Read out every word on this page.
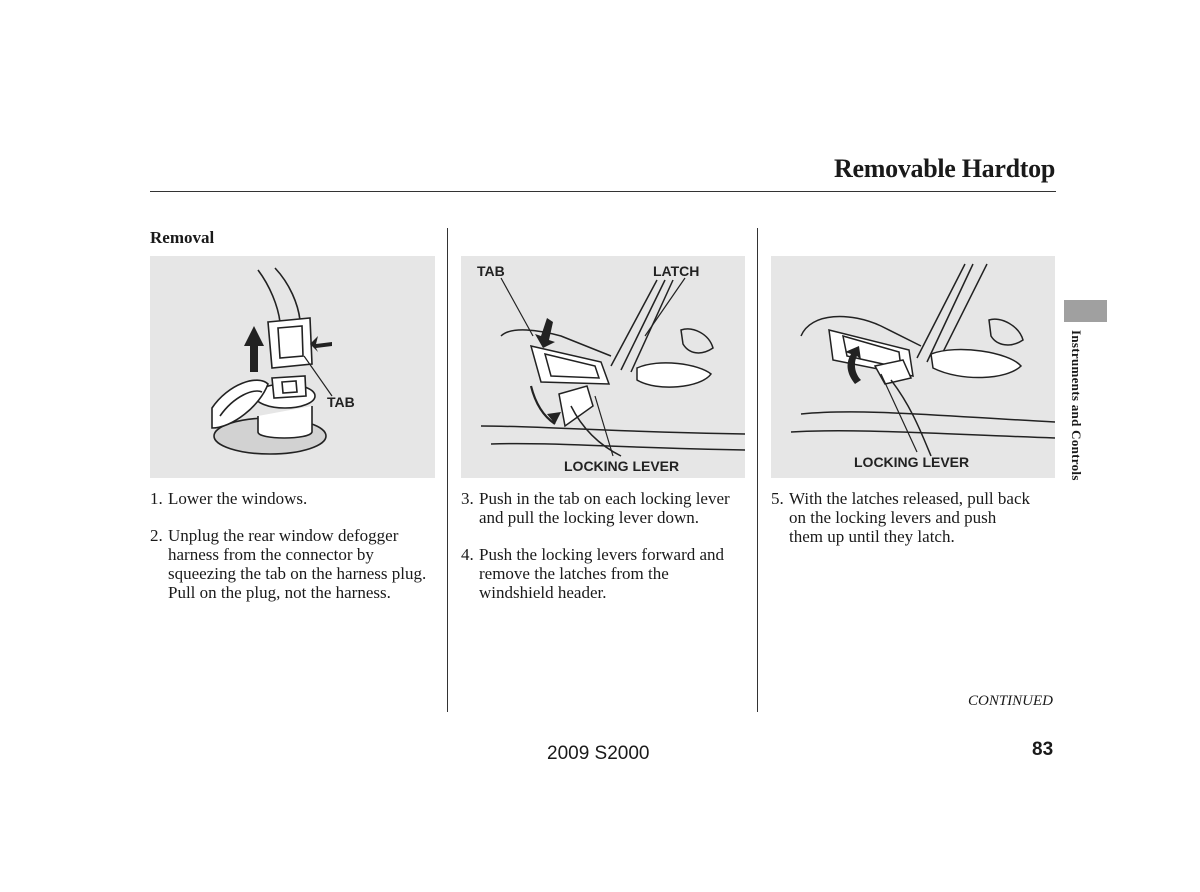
Removable Hardtop
Removal
TAB
TAB	LATCH
LOCKING LEVER	LOCKING LEVER
1. Lower the windows.
2. Unplug the rear window defogger harness from the connector by squeezing the tab on the harness plug. Pull on the plug, not the harness.
3. Push in the tab on each locking lever and pull the locking lever down.
4. Push the locking levers forward and remove the latches from the windshield header.
5. With the latches released, pull back on the locking levers and push them up until they latch.
CONTINUED
2009 S2000	83
Instruments and Controls
